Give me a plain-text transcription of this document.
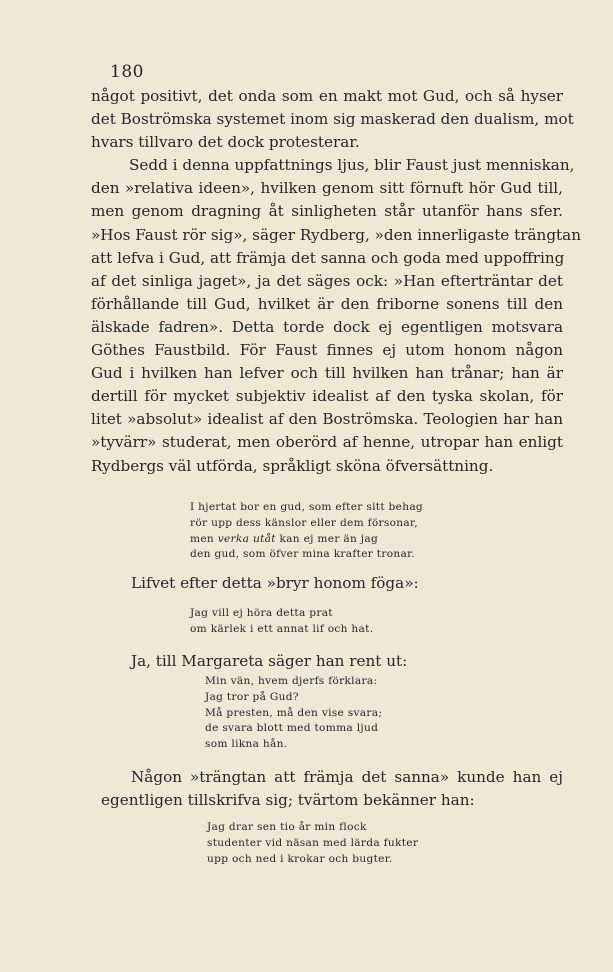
180
något positivt, det onda som en makt mot Gud, och så hyser
det Boströmska systemet inom sig maskerad den dualism, mot
hvars tillvaro det dock protesterar.
Sedd i denna uppfattnings ljus, blir Faust just menniskan,
den »relativa ideen», hvilken genom sitt förnuft hör Gud till,
men genom dragning åt sinligheten står utanför hans sfer.
»Hos Faust rör sig», säger Rydberg, »den innerligaste trängtan
att lefva i Gud, att främja det sanna och goda med uppoffring
af det sinliga jaget», ja det säges ock: »Han efterträntar det
förhållande till Gud, hvilket är den friborne sonens till den
älskade fadren». Detta torde dock ej egentligen motsvara
Göthes Faustbild. För Faust finnes ej utom honom någon
Gud i hvilken han lefver och till hvilken han trånar; han är
dertill för mycket subjektiv idealist af den tyska skolan, för
litet »absolut» idealist af den Boströmska. Teologien har han
»tyvärr» studerat, men oberörd af henne, utropar han enligt
Rydbergs väl utförda, språkligt sköna öfversättning.
I hjertat bor en gud, som efter sitt behag
rör upp dess känslor eller dem försonar,
men verka utåt kan ej mer än jag
den gud, som öfver mina krafter tronar.
Lifvet efter detta »bryr honom föga»:
Jag vill ej höra detta prat
om kärlek i ett annat lif och hat.
Ja, till Margareta säger han rent ut:
Min vän, hvem djerfs förklara:
Jag tror på Gud?
Må presten, må den vise svara;
de svara blott med tomma ljud
som likna hån.
Någon »trängtan att främja det sanna» kunde han ej
egentligen tillskrifva sig; tvärtom bekänner han:
Jag drar sen tio år min flock
studenter vid näsan med lärda fukter
upp och ned i krokar och bugter.
